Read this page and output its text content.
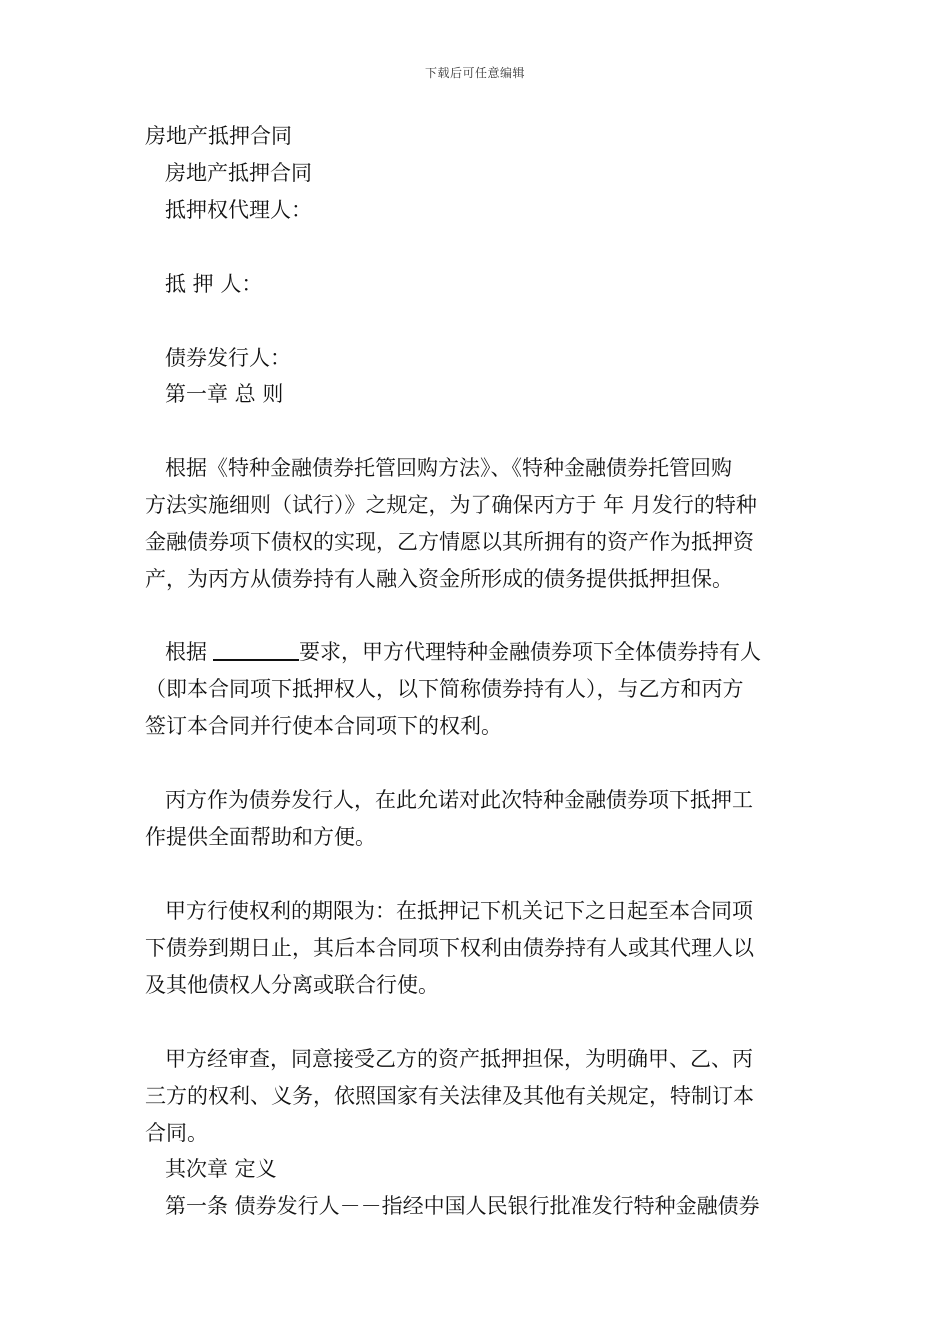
下载后可任意编辑
房地产抵押合同
房地产抵押合同
抵押权代理人：
抵 押 人：
债券发行人：
第一章 总 则
根据《特种金融债券托管回购方法》、《特种金融债券托管回购
方法实施细则（试行）》之规定，为了确保丙方于 年 月发行的特种
金融债券项下债权的实现，乙方情愿以其所拥有的资产作为抵押资
产，为丙方从债券持有人融入资金所形成的债务提供抵押担保。
根据	要求，甲方代理特种金融债券项下全体债券持有人
（即本合同项下抵押权人，以下简称债券持有人），与乙方和丙方
签订本合同并行使本合同项下的权利。
丙方作为债券发行人，在此允诺对此次特种金融债券项下抵押工
作提供全面帮助和方便。
甲方行使权利的期限为：在抵押记下机关记下之日起至本合同项
下债券到期日止，其后本合同项下权利由债券持有人或其代理人以
及其他债权人分离或联合行使。
甲方经审查，同意接受乙方的资产抵押担保，为明确甲、乙、丙
三方的权利、义务，依照国家有关法律及其他有关规定，特制订本
合同。
其次章 定义
第一条 债券发行人－－指经中国人民银行批准发行特种金融债券
